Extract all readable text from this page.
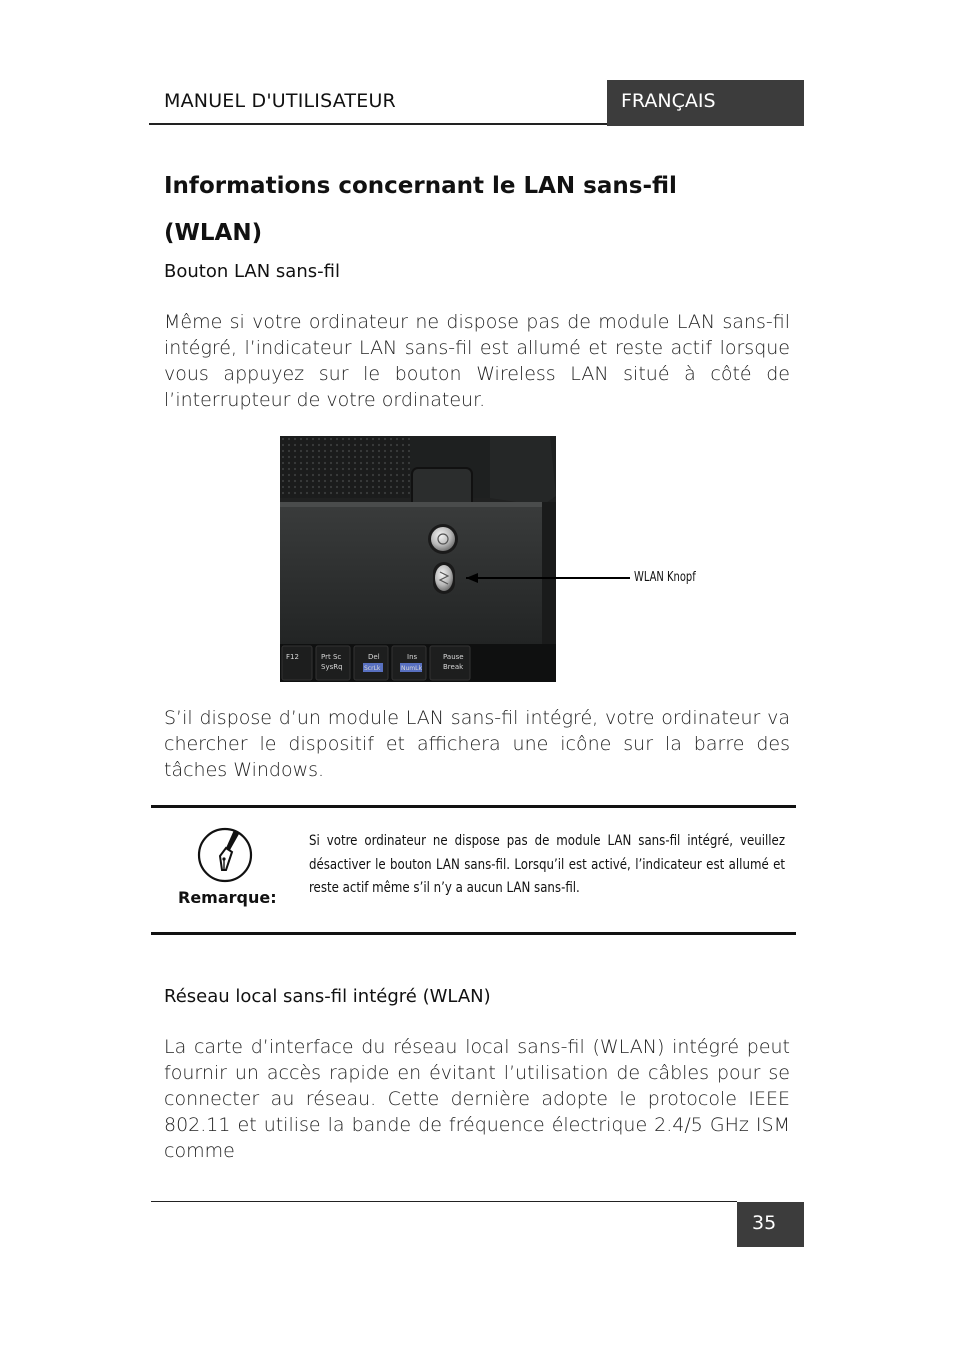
MANUEL D'UTILISATEUR	FRANÇAIS
Informations concernant le LAN sans-fil
(WLAN)
Bouton LAN sans-fil
Même si votre ordinateur ne dispose pas de module LAN sans-fil intégré, l’indicateur LAN sans-fil est allumé et reste actif lorsque vous appuyez sur le bouton Wireless LAN situé à côté de l’interrupteur de votre ordinateur.
F12	Prt Sc
SysRq
Del
ScrLk
Ins
NumLk
Pause
Break
WLAN Knopf
S’il dispose d’un module LAN sans-fil intégré, votre ordinateur va chercher le dispositif et affichera une icône sur la barre des tâches Windows.
Remarque:
Si votre ordinateur ne dispose pas de module LAN sans-fil intégré, veuillez désactiver le bouton LAN sans-fil. Lorsqu’il est activé, l’indicateur est allumé et reste actif même s’il n’y a aucun LAN sans-fil.
Réseau local sans-fil intégré (WLAN)
La carte d’interface du réseau local sans-fil (WLAN) intégré peut fournir un accès rapide en évitant l’utilisation de câbles pour se connecter au réseau. Cette dernière adopte le protocole IEEE 802.11 et utilise la bande de fréquence électrique 2.4/5 GHz ISM comme
35
